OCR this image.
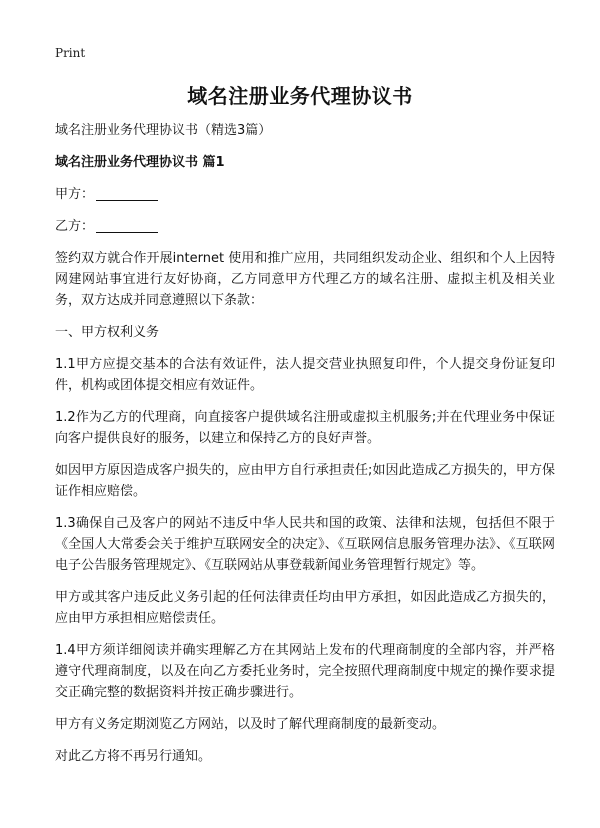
Print
域名注册业务代理协议书

域名注册业务代理协议书（精选3篇）

域名注册业务代理协议书 篇1

甲方：

乙方：

签约双方就合作开展internet 使用和推广应用，共同组织发动企业、组织和个人上因特网建网站事宜进行友好协商，乙方同意甲方代理乙方的域名注册、虚拟主机及相关业务，双方达成并同意遵照以下条款：

一、甲方权利义务

1.1甲方应提交基本的合法有效证件，法人提交营业执照复印件，个人提交身份证复印件，机构或团体提交相应有效证件。

1.2作为乙方的代理商，向直接客户提供域名注册或虚拟主机服务;并在代理业务中保证向客户提供良好的服务，以建立和保持乙方的良好声誉。

如因甲方原因造成客户损失的，应由甲方自行承担责任;如因此造成乙方损失的，甲方保证作相应赔偿。

1.3确保自己及客户的网站不违反中华人民共和国的政策、法律和法规，包括但不限于《全国人大常委会关于维护互联网安全的决定》、《互联网信息服务管理办法》、《互联网电子公告服务管理规定》、《互联网站从事登载新闻业务管理暂行规定》等。

甲方或其客户违反此义务引起的任何法律责任均由甲方承担，如因此造成乙方损失的，应由甲方承担相应赔偿责任。

1.4甲方须详细阅读并确实理解乙方在其网站上发布的代理商制度的全部内容，并严格遵守代理商制度，以及在向乙方委托业务时，完全按照代理商制度中规定的操作要求提交正确完整的数据资料并按正确步骤进行。

甲方有义务定期浏览乙方网站，以及时了解代理商制度的最新变动。

对此乙方将不再另行通知。
